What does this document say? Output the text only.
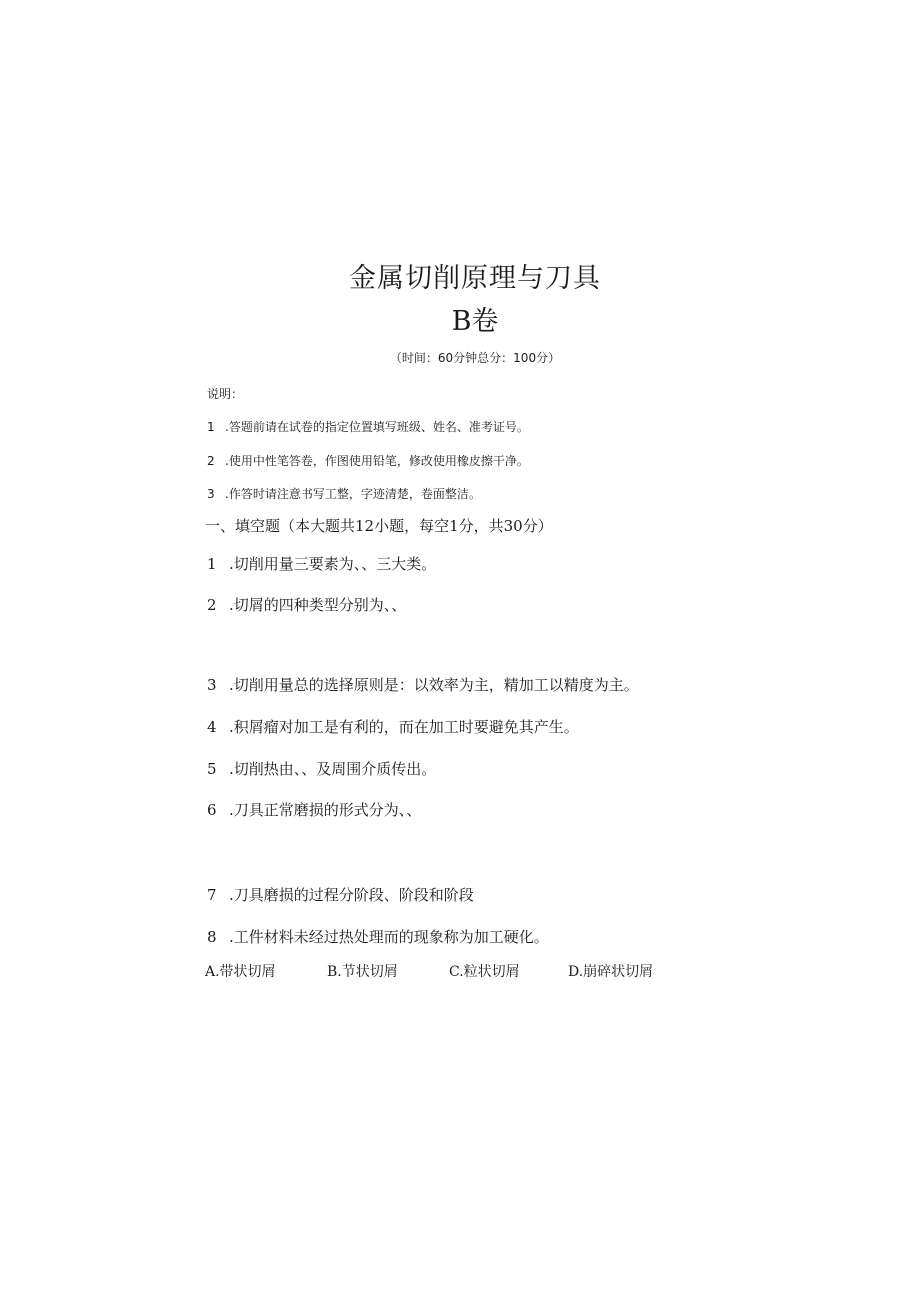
金属切削原理与刀具
B卷
（时间：60分钟总分：100分）
说明：
1 .答题前请在试卷的指定位置填写班级、姓名、准考证号。
2 .使用中性笔答卷，作图使用铅笔，修改使用橡皮擦干净。
3 .作答时请注意书写工整，字迹清楚，卷面整洁。
一、填空题（本大题共12小题，每空1分，共30分）
1 .切削用量三要素为、、三大类。
2 .切屑的四种类型分别为、、
3 .切削用量总的选择原则是：以效率为主，精加工以精度为主。
4 .积屑瘤对加工是有利的，而在加工时要避免其产生。
5 .切削热由、、及周围介质传出。
6 .刀具正常磨损的形式分为、、
7 .刀具磨损的过程分阶段、阶段和阶段
8 .工件材料未经过热处理而的现象称为加工硬化。
A.带状切屑	B.节状切屑	C.粒状切屑	D.崩碎状切屑
